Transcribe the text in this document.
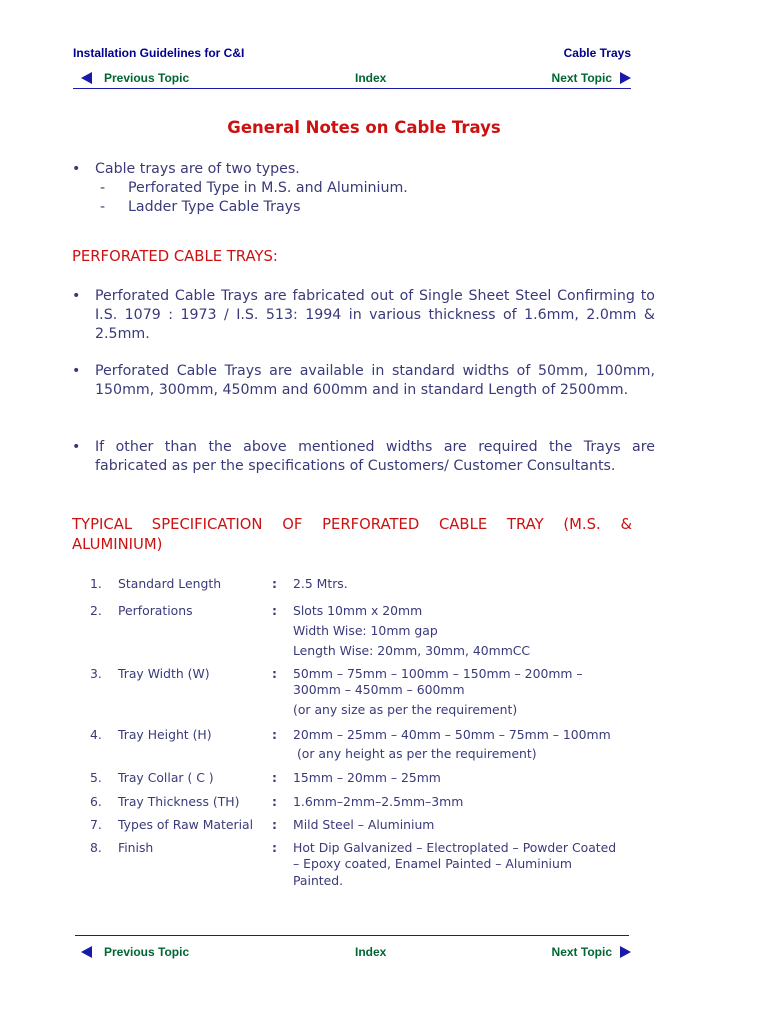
Installation Guidelines for C&I	Cable Trays
Previous Topic	Index	Next Topic
General Notes on Cable Trays
• Cable trays are of two types.
- Perforated Type in M.S. and Aluminium.
- Ladder Type Cable Trays
PERFORATED CABLE TRAYS:
• Perforated Cable Trays are fabricated out of Single Sheet Steel Confirming to I.S. 1079 : 1973 / I.S. 513: 1994 in various thickness of 1.6mm, 2.0mm & 2.5mm.
• Perforated Cable Trays are available in standard widths of 50mm, 100mm, 150mm, 300mm, 450mm and 600mm and in standard Length of 2500mm.
• If other than the above mentioned widths are required the Trays are fabricated as per the specifications of Customers/ Customer Consultants.
TYPICAL SPECIFICATION OF PERFORATED CABLE TRAY (M.S. &
ALUMINIUM)
1.	Standard Length	: 2.5 Mtrs.
2.	Perforations	: Slots 10mm x 20mm
Width Wise: 10mm gap
Length Wise: 20mm, 30mm, 40mmCC
3.	Tray Width (W)	: 50mm – 75mm – 100mm – 150mm – 200mm –
300mm – 450mm – 600mm
(or any size as per the requirement)
4.	Tray Height (H)	: 20mm – 25mm – 40mm – 50mm – 75mm – 100mm
(or any height as per the requirement)
5.	Tray Collar ( C )	: 15mm – 20mm – 25mm
6.	Tray Thickness (TH)	: 1.6mm–2mm–2.5mm–3mm
7.	Types of Raw Material	: Mild Steel – Aluminium
8.	Finish	: Hot Dip Galvanized – Electroplated – Powder Coated
– Epoxy coated, Enamel Painted – Aluminium
Painted.
Previous Topic	Index	Next Topic
